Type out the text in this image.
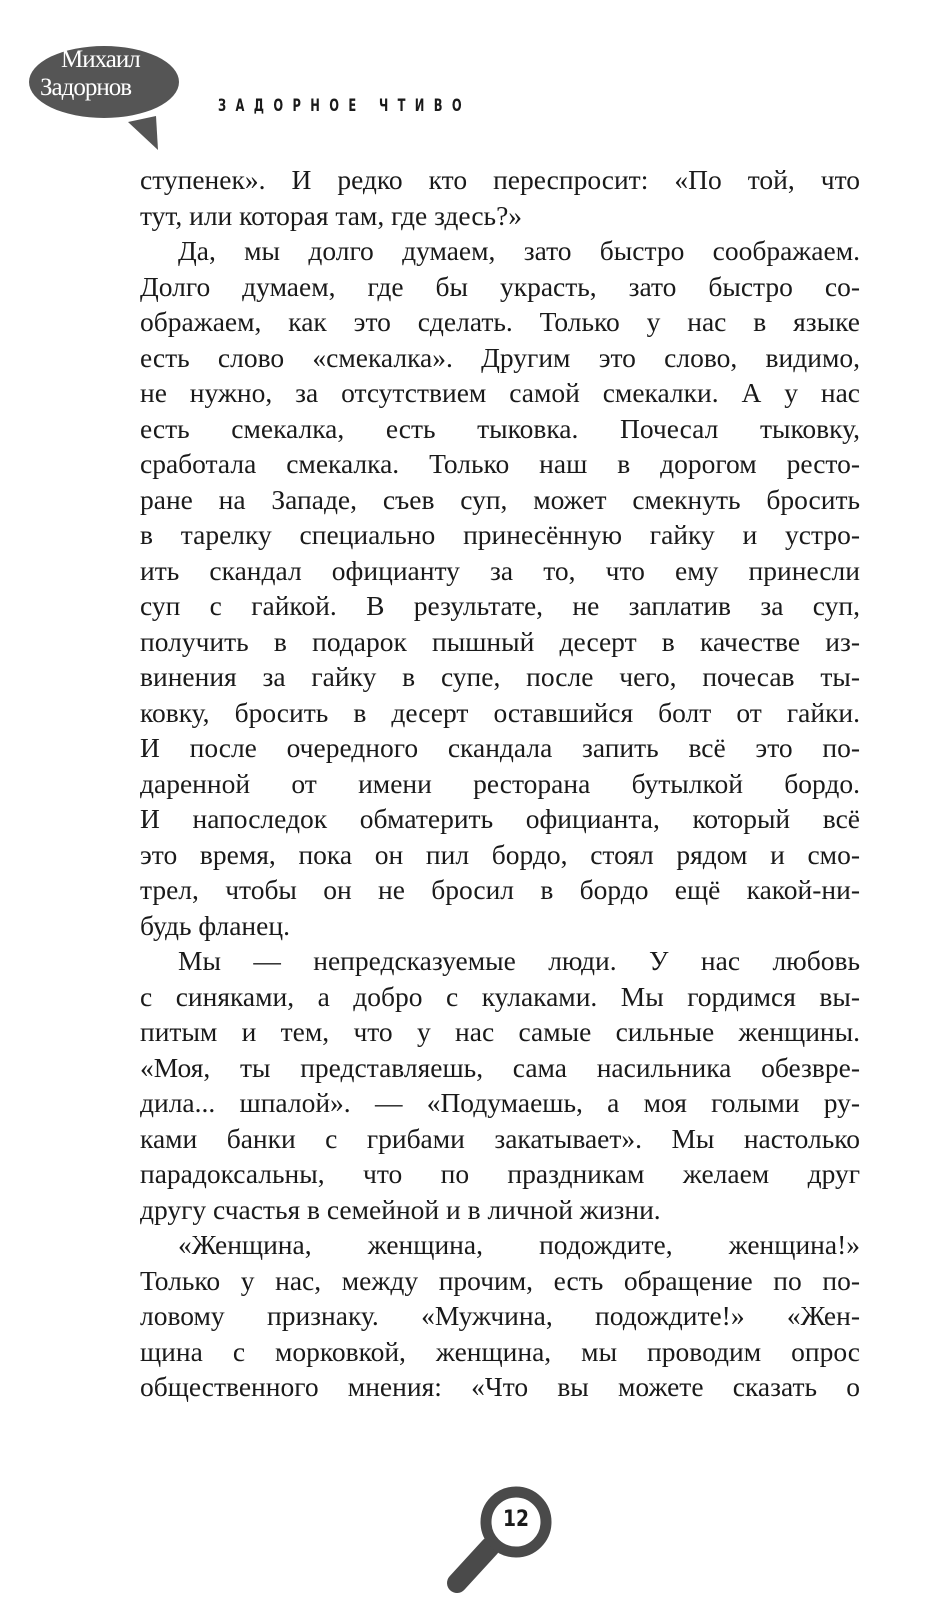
Михаил
Задорнов
ЗАДОРНОЕ ЧТИВО
ступенек». И редко кто переспросит: «По той, что
тут, или которая там, где здесь?»
Да, мы долго думаем, зато быстро соображаем.
Долго думаем, где бы украсть, зато быстро со-
ображаем, как это сделать. Только у нас в языке
есть слово «смекалка». Другим это слово, видимо,
не нужно, за отсутствием самой смекалки. А у нас
есть смекалка, есть тыковка. Почесал тыковку,
сработала смекалка. Только наш в дорогом ресто-
ране на Западе, съев суп, может смекнуть бросить
в тарелку специально принесённую гайку и устро-
ить скандал официанту за то, что ему принесли
суп с гайкой. В результате, не заплатив за суп,
получить в подарок пышный десерт в качестве из-
винения за гайку в супе, после чего, почесав ты-
ковку, бросить в десерт оставшийся болт от гайки.
И после очередного скандала запить всё это по-
даренной от имени ресторана бутылкой бордо.
И напоследок обматерить официанта, который всё
это время, пока он пил бордо, стоял рядом и смо-
трел, чтобы он не бросил в бордо ещё какой-ни-
будь фланец.
Мы — непредсказуемые люди. У нас любовь
с синяками, а добро с кулаками. Мы гордимся вы-
питым и тем, что у нас самые сильные женщины.
«Моя, ты представляешь, сама насильника обезвре-
дила... шпалой». — «Подумаешь, а моя голыми ру-
ками банки с грибами закатывает». Мы настолько
парадоксальны, что по праздникам желаем друг
другу счастья в семейной и в личной жизни.
«Женщина, женщина, подождите, женщина!»
Только у нас, между прочим, есть обращение по по-
ловому признаку. «Мужчина, подождите!» «Жен-
щина с морковкой, женщина, мы проводим опрос
общественного мнения: «Что вы можете сказать о
12
